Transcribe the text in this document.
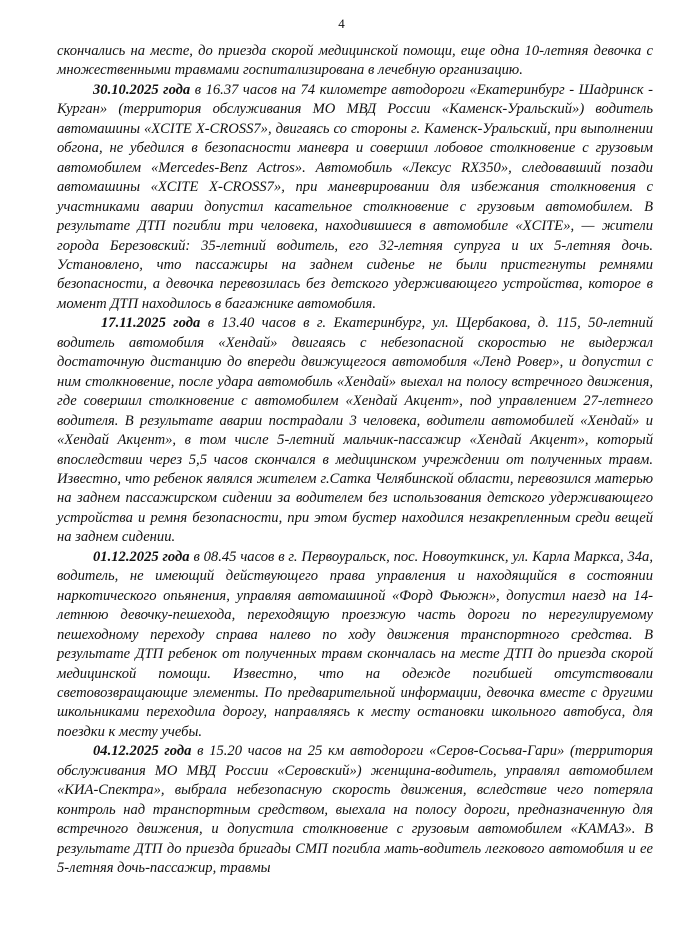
4

скончались на месте, до приезда скорой медицинской помощи, еще одна 10-летняя девочка с множественными травмами госпитализирована в лечебную организацию.

30.10.2025 года в 16.37 часов на 74 километре автодороги «Екатеринбург - Шадринск - Курган» (территория обслуживания МО МВД России «Каменск-Уральский») водитель автомашины «XCITE X-CROSS7», двигаясь со стороны г. Каменск-Уральский, при выполнении обгона, не убедился в безопасности маневра и совершил лобовое столкновение с грузовым автомобилем «Mercedes-Benz Actros». Автомобиль «Лексус RX350», следовавший позади автомашины «XCITE X-CROSS7», при маневрировании для избежания столкновения с участниками аварии допустил касательное столкновение с грузовым автомобилем. В результате ДТП погибли три человека, находившиеся в автомобиле «XCITE», — жители города Березовский: 35-летний водитель, его 32-летняя супруга и их 5-летняя дочь. Установлено, что пассажиры на заднем сиденье не были пристегнуты ремнями безопасности, а девочка перевозилась без детского удерживающего устройства, которое в момент ДТП находилось в багажнике автомобиля.

17.11.2025 года в 13.40 часов в г. Екатеринбург, ул. Щербакова, д. 115, 50-летний водитель автомобиля «Хендай» двигаясь с небезопасной скоростью не выдержал достаточную дистанцию до впереди движущегося автомобиля «Ленд Ровер», и допустил с ним столкновение, после удара автомобиль «Хендай» выехал на полосу встречного движения, где совершил столкновение с автомобилем «Хендай Акцент», под управлением 27-летнего водителя. В результате аварии пострадали 3 человека, водители автомобилей «Хендай» и «Хендай Акцент», в том числе 5-летний мальчик-пассажир «Хендай Акцент», который впоследствии через 5,5 часов скончался в медицинском учреждении от полученных травм. Известно, что ребенок являлся жителем г.Сатка Челябинской области, перевозился матерью на заднем пассажирском сидении за водителем без использования детского удерживающего устройства и ремня безопасности, при этом бустер находился незакрепленным среди вещей на заднем сидении.

01.12.2025 года в 08.45 часов в г. Первоуральск, пос. Новоуткинск, ул. Карла Маркса, 34а, водитель, не имеющий действующего права управления и находящийся в состоянии наркотического опьянения, управляя автомашиной «Форд Фьюжн», допустил наезд на 14-летнюю девочку-пешехода, переходящую проезжую часть дороги по нерегулируемому пешеходному переходу справа налево по ходу движения транспортного средства. В результате ДТП ребенок от полученных травм скончалась на месте ДТП до приезда скорой медицинской помощи. Известно, что на одежде погибшей отсутствовали световозвращающие элементы. По предварительной информации, девочка вместе с другими школьниками переходила дорогу, направляясь к месту остановки школьного автобуса, для поездки к месту учебы.

04.12.2025 года в 15.20 часов на 25 км автодороги «Серов-Сосьва-Гари» (территория обслуживания МО МВД России «Серовский») женщина-водитель, управлял автомобилем «КИА-Спектра», выбрала небезопасную скорость движения, вследствие чего потеряла контроль над транспортным средством, выехала на полосу дороги, предназначенную для встречного движения, и допустила столкновение с грузовым автомобилем «КАМАЗ». В результате ДТП до приезда бригады СМП погибла мать-водитель легкового автомобиля и ее 5-летняя дочь-пассажир, травмы
